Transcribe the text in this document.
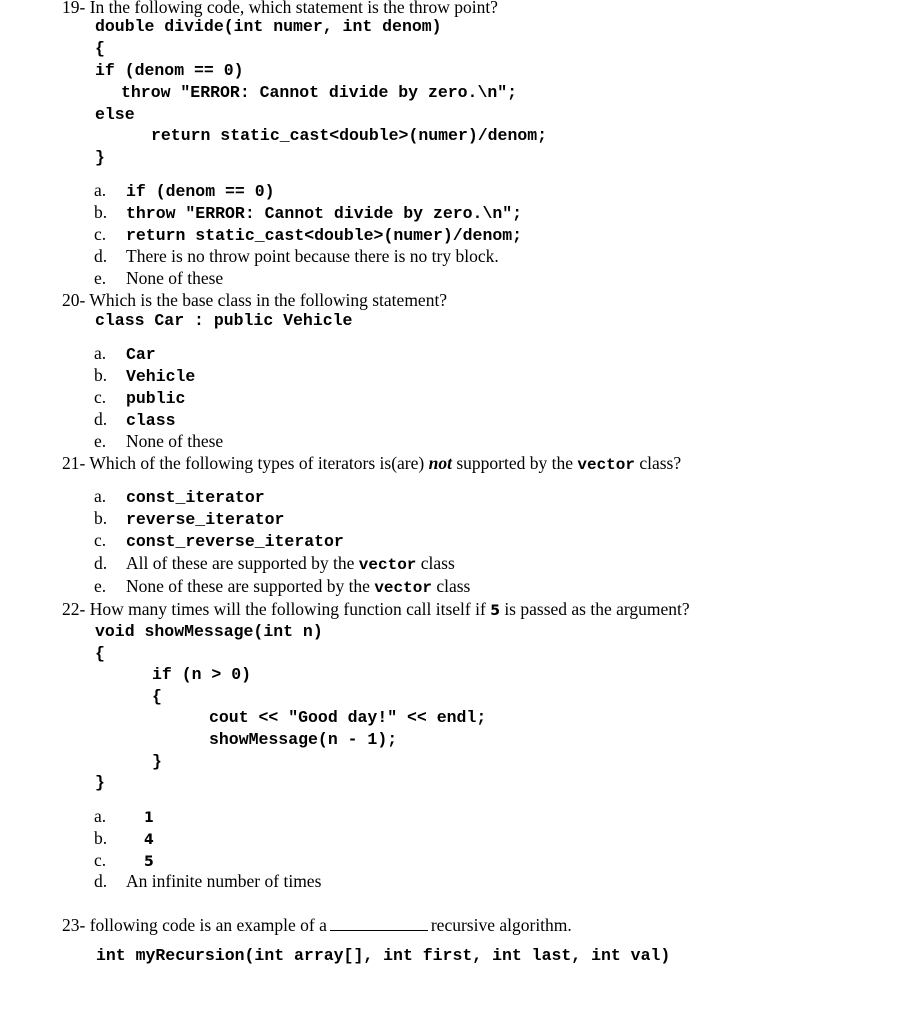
19- In the following code, which statement is the throw point?
double divide(int numer, int denom)
{
if (denom == 0)
throw "ERROR: Cannot divide by zero.\n";
else
return static_cast<double>(numer)/denom;
}
a. if (denom == 0)
b. throw "ERROR: Cannot divide by zero.\n";
c. return static_cast<double>(numer)/denom;
d. There is no throw point because there is no try block.
e. None of these
20- Which is the base class in the following statement?
class Car : public Vehicle
a. Car
b. Vehicle
c. public
d. class
e. None of these
21- Which of the following types of iterators is(are) not supported by the vector class?
a. const_iterator
b. reverse_iterator
c. const_reverse_iterator
d. All of these are supported by the vector class
e. None of these are supported by the vector class
22- How many times will the following function call itself if 5 is passed as the argument?
void showMessage(int n)
{
if (n > 0)
{
cout << "Good day!" << endl;
showMessage(n - 1);
}
}
a.	1
b.	4
c.	5
d. An infinite number of times
23- following code is an example of a	recursive algorithm.
int myRecursion(int array[], int first, int last, int val)
